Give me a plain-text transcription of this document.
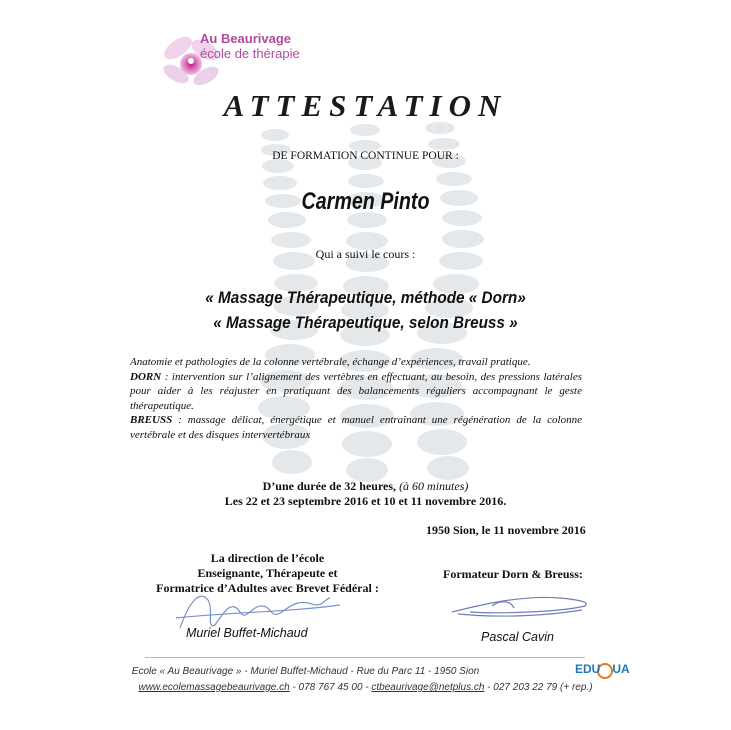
Au Beaurivage
école de thérapie
ATTESTATION
DE FORMATION CONTINUE POUR :
Carmen Pinto
Qui a suivi le cours :
« Massage Thérapeutique, méthode « Dorn»
« Massage Thérapeutique, selon Breuss »
Anatomie et pathologies de la colonne vertébrale, échange d’expériences, travail pratique.
DORN : intervention sur l’alignement des vertèbres en effectuant, au besoin, des pressions latérales pour aider à les réajuster en pratiquant des balancements réguliers accompagnant le geste thérapeutique.
BREUSS : massage délicat, énergétique et manuel entraînant une régénération de la colonne vertébrale et des disques intervertébraux
D’une durée de 32 heures, (à 60 minutes)
Les 22 et 23 septembre 2016 et 10 et 11 novembre 2016.
1950 Sion, le 11 novembre 2016
La direction de l’école
Enseignante, Thérapeute et
Formatrice d’Adultes avec Brevet Fédéral :
Formateur Dorn & Breuss:
Muriel Buffet-Michaud	Pascal Cavin
Ecole « Au Beaurivage » - Muriel Buffet-Michaud - Rue du Parc 11 - 1950 Sion
www.ecolemassagebeaurivage.ch - 078 767 45 00 - ctbeaurivage@netplus.ch - 027 203 22 79 (+ rep.)
EDU UA
